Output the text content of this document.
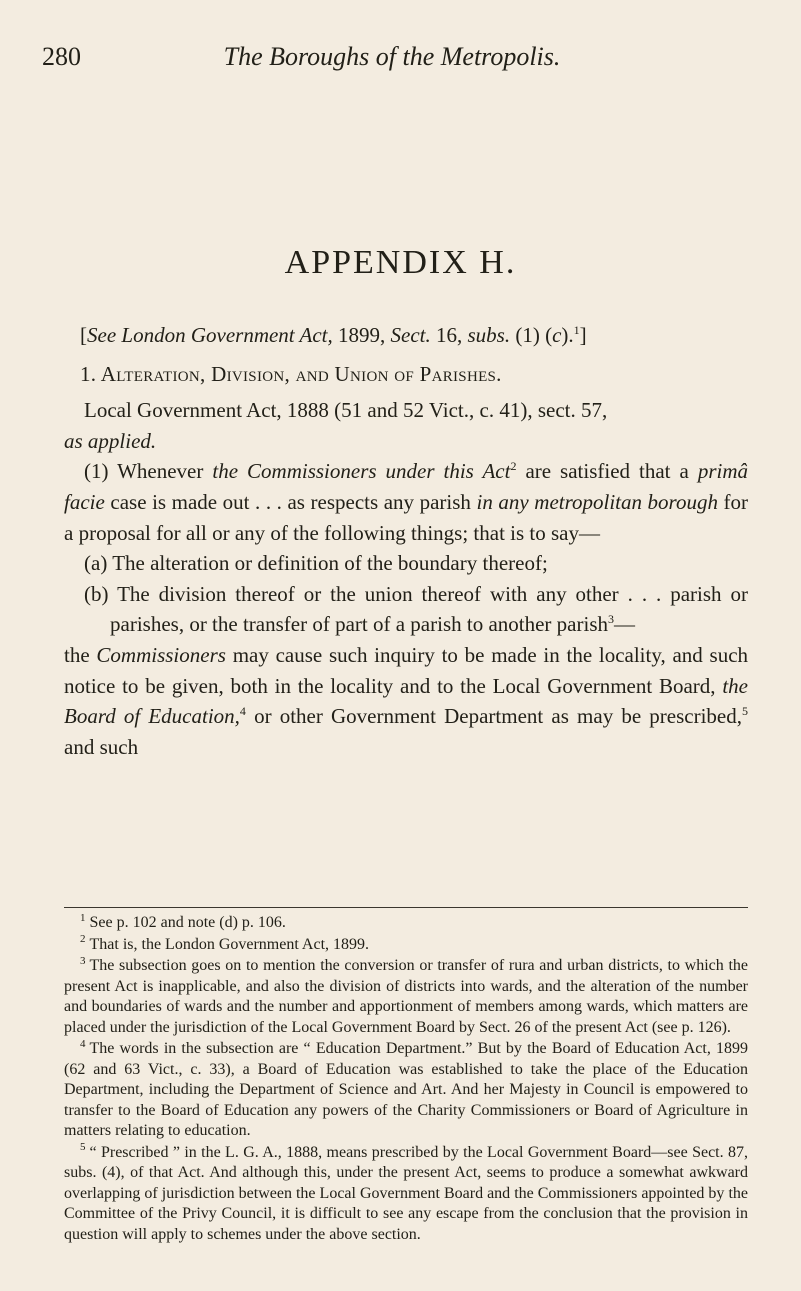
280	The Boroughs of the Metropolis.
APPENDIX H.

[See London Government Act, 1899, Sect. 16, subs. (1) (c).$^1$]

1. Alteration, Division, and Union of Parishes.

Local Government Act, 1888 (51 and 52 Vict., c. 41), sect. 57,
as applied.

(1) Whenever the Commissioners under this Act$^2$ are satisfied that a primâ facie case is made out . . . as respects any parish in any metropolitan borough for a proposal for all or any of the following things; that is to say—

(a) The alteration or definition of the boundary thereof;

(b) The division thereof or the union thereof with any other . . . parish or parishes, or the transfer of part of a parish to another parish$^3$—

the Commissioners may cause such inquiry to be made in the locality, and such notice to be given, both in the locality and to the Local Government Board, the Board of Education,$^4$ or other Government Department as may be prescribed,$^5$ and such

$^1$ See p. 102 and note (d) p. 106.

$^2$ That is, the London Government Act, 1899.

$^3$ The subsection goes on to mention the conversion or transfer of rura and urban districts, to which the present Act is inapplicable, and also the division of districts into wards, and the alteration of the number and boundaries of wards and the number and apportionment of members among wards, which matters are placed under the jurisdiction of the Local Government Board by Sect. 26 of the present Act (see p. 126).

$^4$ The words in the subsection are “ Education Department.” But by the Board of Education Act, 1899 (62 and 63 Vict., c. 33), a Board of Education was established to take the place of the Education Department, including the Department of Science and Art. And her Majesty in Council is empowered to transfer to the Board of Education any powers of the Charity Commissioners or Board of Agriculture in matters relating to education.

$^5$ “ Prescribed ” in the L. G. A., 1888, means prescribed by the Local Government Board—see Sect. 87, subs. (4), of that Act. And although this, under the present Act, seems to produce a somewhat awkward overlapping of jurisdiction between the Local Government Board and the Commissioners appointed by the Committee of the Privy Council, it is difficult to see any escape from the conclusion that the provision in question will apply to schemes under the above section.
